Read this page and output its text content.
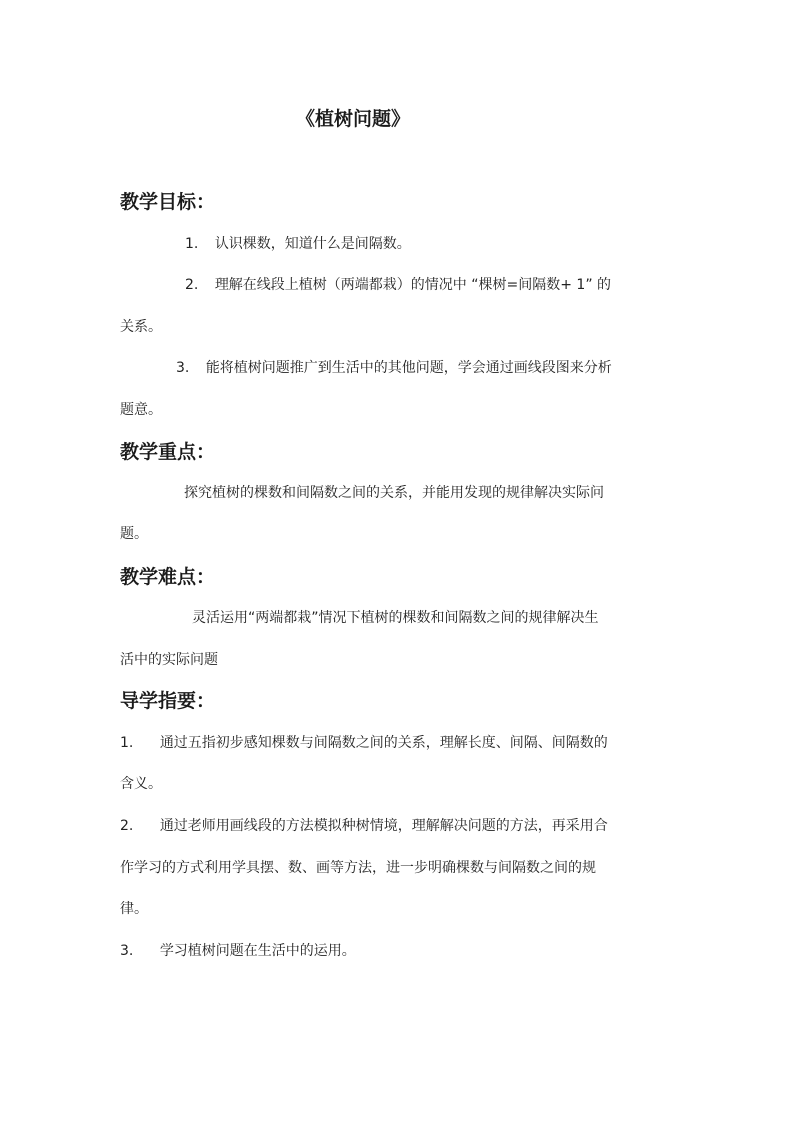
《植树问题》
教学目标：
1. 认识棵数，知道什么是间隔数。
2. 理解在线段上植树（两端都栽）的情况中 “棵树=间隔数+ 1” 的
关系。
3. 能将植树问题推广到生活中的其他问题，学会通过画线段图来分析
题意。
教学重点：
探究植树的棵数和间隔数之间的关系，并能用发现的规律解决实际问
题。
教学难点：
灵活运用“两端都栽”情况下植树的棵数和间隔数之间的规律解决生
活中的实际问题
导学指要：
1. 通过五指初步感知棵数与间隔数之间的关系，理解长度、间隔、间隔数的
含义。
2. 通过老师用画线段的方法模拟种树情境，理解解决问题的方法，再采用合
作学习的方式利用学具摆、数、画等方法，进一步明确棵数与间隔数之间的规
律。
3. 学习植树问题在生活中的运用。
